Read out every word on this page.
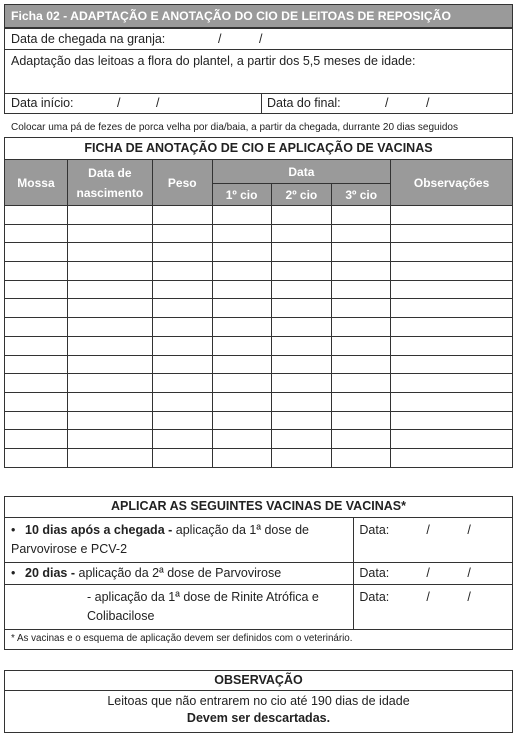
Ficha 02 - ADAPTAÇÃO E ANOTAÇÃO DO CIO DE LEITOAS DE REPOSIÇÃO
Data de chegada na granja:	/	/
Adaptação das leitoas a flora do plantel, a partir dos 5,5 meses de idade:
Data início:	/	/	Data do final:	/	/
Colocar uma pá de fezes de porca velha por dia/baia, a partir da chegada, durrante 20 dias seguidos
FICHA DE ANOTAÇÃO DE CIO E APLICAÇÃO DE VACINAS
Mossa	Data de nascimento	Peso	Data			Observações
			1º cio	2º cio	3º cio	

APLICAR AS SEGUINTES VACINAS DE VACINAS*
• 10 dias após a chegada - aplicação da 1ª dose de Parvovirose e PCV-2	Data: / /

• 20 dias - aplicação da 2ª dose de Parvovirose	Data: / /

- aplicação da 1ª dose de Rinite Atrófica e Colibacilose	Data: / /
* As vacinas e o esquema de aplicação devem ser definidos com o veterinário.
OBSERVAÇÃO
Leitoas que não entrarem no cio até 190 dias de idade
Devem ser descartadas.
